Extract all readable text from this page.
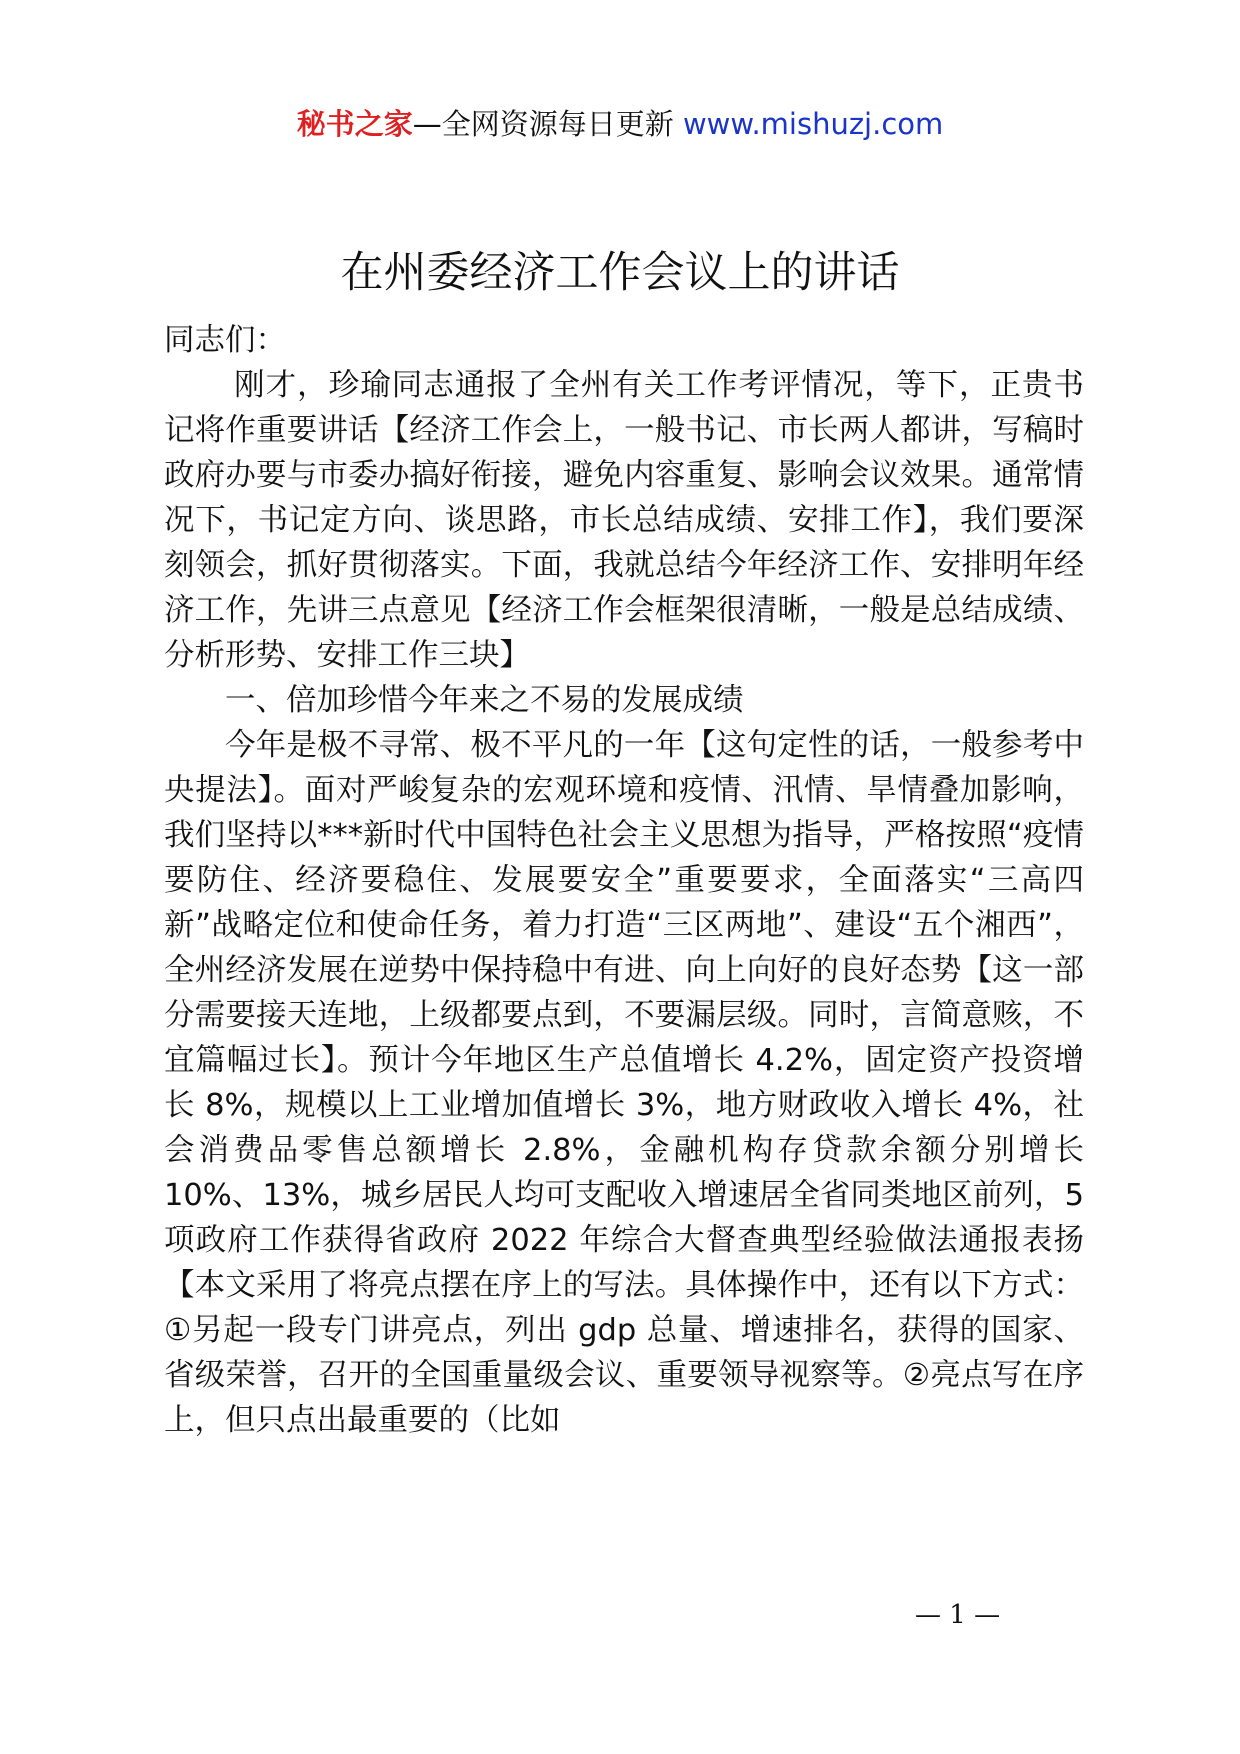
秘书之家—全网资源每日更新 www.mishuzj.com
在州委经济工作会议上的讲话

同志们：

刚才，珍瑜同志通报了全州有关工作考评情况，等下，正贵书记将作重要讲话【经济工作会上，一般书记、市长两人都讲，写稿时政府办要与市委办搞好衔接，避免内容重复、影响会议效果。通常情况下，书记定方向、谈思路，市长总结成绩、安排工作】，我们要深刻领会，抓好贯彻落实。下面，我就总结今年经济工作、安排明年经济工作，先讲三点意见【经济工作会框架很清晰，一般是总结成绩、分析形势、安排工作三块】

一、倍加珍惜今年来之不易的发展成绩

今年是极不寻常、极不平凡的一年【这句定性的话，一般参考中央提法】。面对严峻复杂的宏观环境和疫情、汛情、旱情叠加影响，我们坚持以***新时代中国特色社会主义思想为指导，严格按照“疫情要防住、经济要稳住、发展要安全”重要要求，全面落实“三高四新”战略定位和使命任务，着力打造“三区两地”、建设“五个湘西”，全州经济发展在逆势中保持稳中有进、向上向好的良好态势【这一部分需要接天连地，上级都要点到，不要漏层级。同时，言简意赅，不宜篇幅过长】。预计今年地区生产总值增长 4.2%，固定资产投资增长 8%，规模以上工业增加值增长 3%，地方财政收入增长 4%，社会消费品零售总额增长 2.8%，金融机构存贷款余额分别增长 10%、13%，城乡居民人均可支配收入增速居全省同类地区前列，5 项政府工作获得省政府 2022 年综合大督查典型经验做法通报表扬【本文采用了将亮点摆在序上的写法。具体操作中，还有以下方式：①另起一段专门讲亮点，列出 gdp 总量、增速排名，获得的国家、省级荣誉，召开的全国重量级会议、重要领导视察等。②亮点写在序上，但只点出最重要的（比如

— 1 —
